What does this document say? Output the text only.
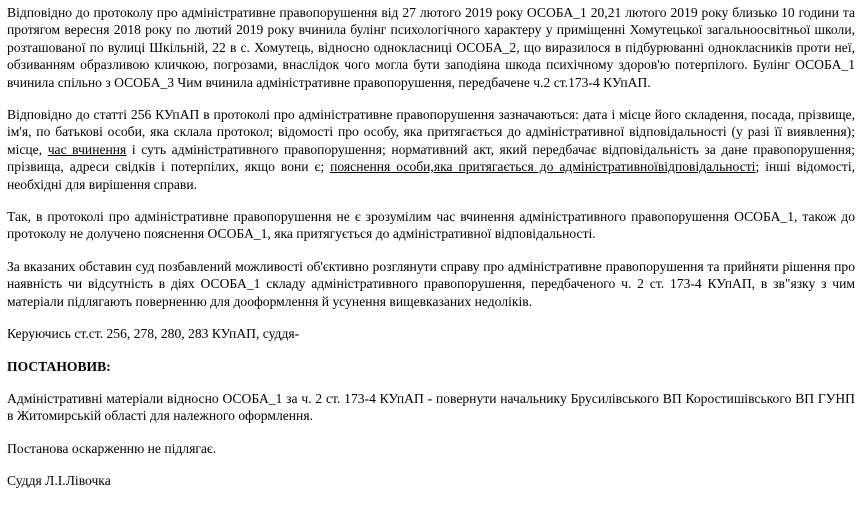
Відповідно до протоколу про адміністративне правопорушення від 27 лютого 2019 року ОСОБА_1 20,21 лютого 2019 року близько 10 години та протягом вересня 2018 року по лютий 2019 року вчинила булінг психологічного характеру у приміщенні Хомутецької загальноосвітньої школи, розташованої по вулиці Шкільній, 22 в с. Хомутець, відносно однокласниці ОСОБА_2, що виразилося в підбурюванні однокласників проти неї, обзиванням образливою кличкою, погрозами, внаслідок чого могла бути заподіяна шкода психічному здоров'ю потерпілого. Булінг ОСОБА_1 вчинила спільно з ОСОБА_3 Чим вчинила адміністративне правопорушення, передбачене ч.2 ст.173-4 КУпАП.

Відповідно до статті 256 КУпАП в протоколі про адміністративне правопорушення зазначаються: дата і місце його складення, посада, прізвище, ім'я, по батькові особи, яка склала протокол; відомості про особу, яка притягається до адміністративної відповідальності (у разі її виявлення); місце, час вчинення і суть адміністративного правопорушення; нормативний акт, який передбачає відповідальність за дане правопорушення; прізвища, адреси свідків і потерпілих, якщо вони є; пояснення особи,яка притягається до адміністративноївідповідальності; інші відомості, необхідні для вирішення справи.

Так, в протоколі про адміністративне правопорушення не є зрозумілим час вчинення адміністративного правопорушення ОСОБА_1, також до протоколу не долучено пояснення ОСОБА_1, яка притягується до адміністративної відповідальності.

За вказаних обставин суд позбавлений можливості об'єктивно розглянути справу про адміністративне правопорушення та прийняти рішення про наявність чи відсутність в діях ОСОБА_1 складу адміністративного правопорушення, передбаченого ч. 2 ст. 173-4 КУпАП, в зв"язку з чим матеріали підлягають поверненню для дооформлення й усунення вищевказаних недоліків.

Керуючись ст.ст. 256, 278, 280, 283 КУпАП, суддя-

ПОСТАНОВИВ:

Адміністративні матеріали відносно ОСОБА_1 за ч. 2 ст. 173-4 КУпАП - повернути начальнику Брусилівського ВП Коростишівського ВП ГУНП в Житомирській області для належного оформлення.

Постанова оскарженню не підлягає.

Суддя Л.І.Лівочка
